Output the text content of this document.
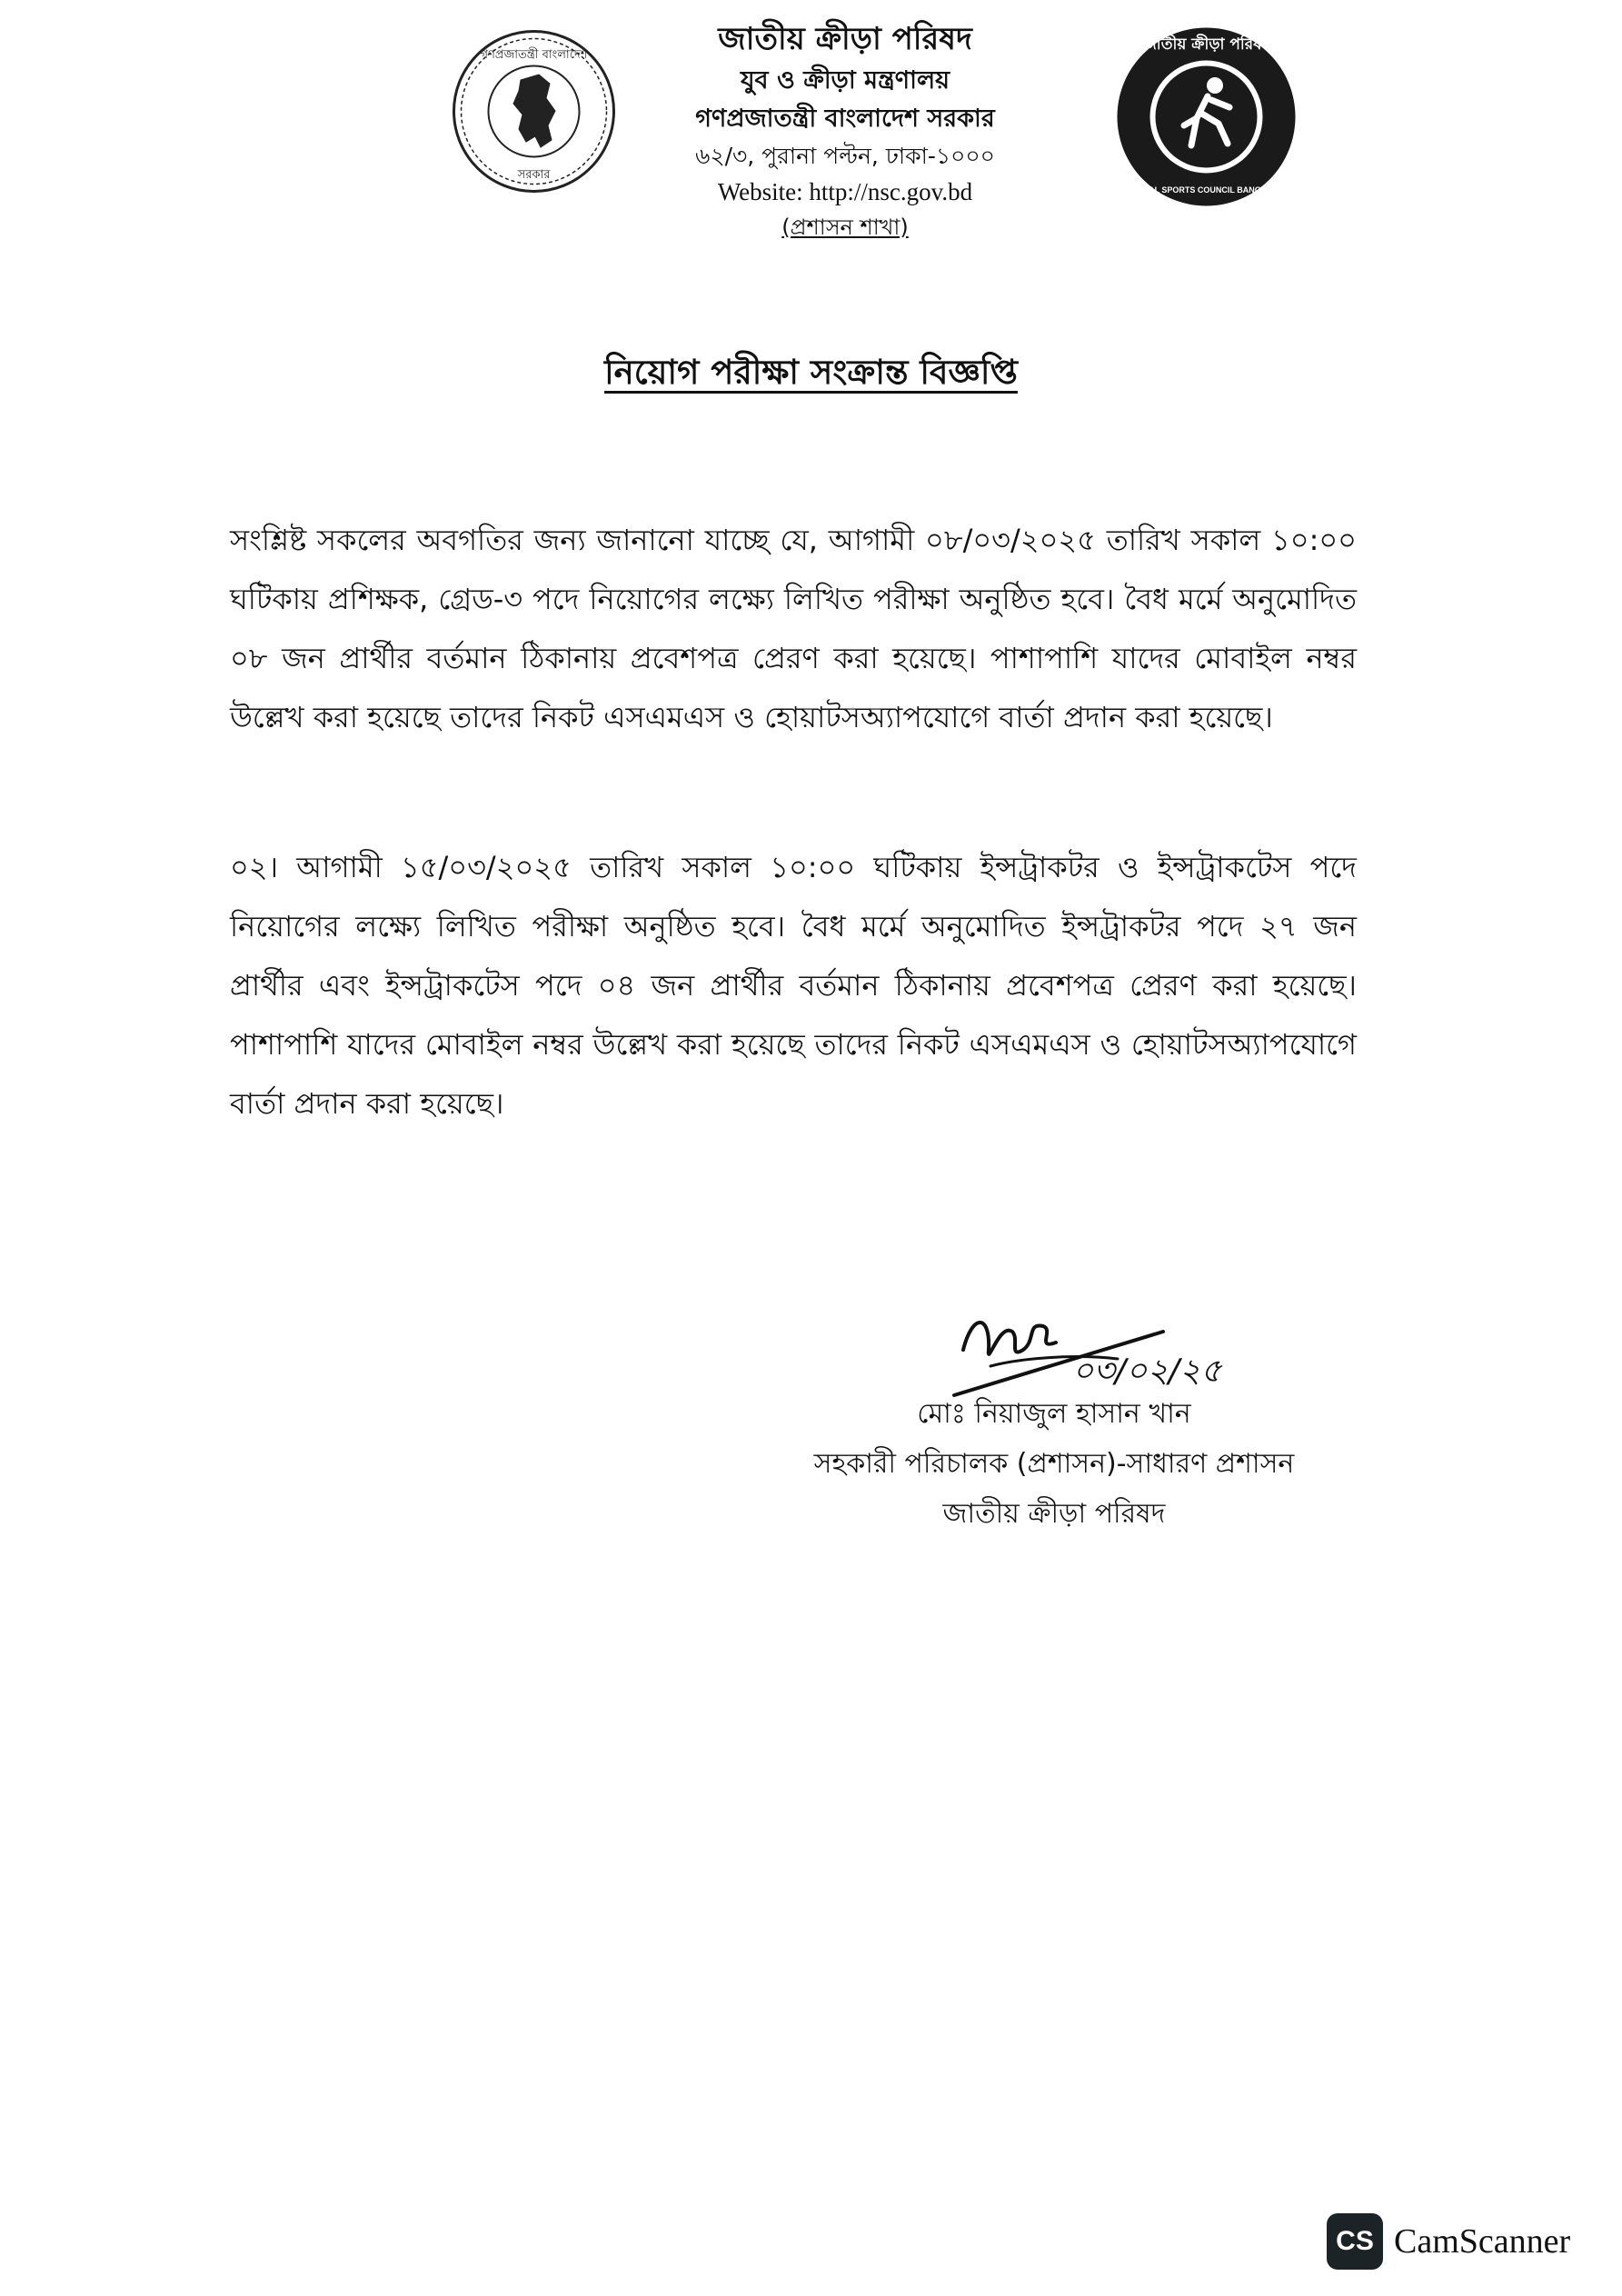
গণপ্রজাতন্ত্রী বাংলাদেশ
সরকার
জাতীয় ক্রীড়া পরিষদ
যুব ও ক্রীড়া মন্ত্রণালয়
গণপ্রজাতন্ত্রী বাংলাদেশ সরকার
৬২/৩, পুরানা পল্টন, ঢাকা-১০০০
Website: http://nsc.gov.bd
(প্রশাসন শাখা)
জাতীয় ক্রীড়া পরিষদ
NATIONAL SPORTS COUNCIL BANGLADESH
নিয়োগ পরীক্ষা সংক্রান্ত বিজ্ঞপ্তি

সংশ্লিষ্ট সকলের অবগতির জন্য জানানো যাচ্ছে যে, আগামী ০৮/০৩/২০২৫ তারিখ সকাল ১০:০০ ঘটিকায় প্রশিক্ষক, গ্রেড-৩ পদে নিয়োগের লক্ষ্যে লিখিত পরীক্ষা অনুষ্ঠিত হবে। বৈধ মর্মে অনুমোদিত ০৮ জন প্রার্থীর বর্তমান ঠিকানায় প্রবেশপত্র প্রেরণ করা হয়েছে। পাশাপাশি যাদের মোবাইল নম্বর উল্লেখ করা হয়েছে তাদের নিকট এসএমএস ও হোয়াটসঅ্যাপযোগে বার্তা প্রদান করা হয়েছে।

০২। আগামী ১৫/০৩/২০২৫ তারিখ সকাল ১০:০০ ঘটিকায় ইন্সট্রাকটর ও ইন্সট্রাকটেস পদে নিয়োগের লক্ষ্যে লিখিত পরীক্ষা অনুষ্ঠিত হবে। বৈধ মর্মে অনুমোদিত ইন্সট্রাকটর পদে ২৭ জন প্রার্থীর এবং ইন্সট্রাকটেস পদে ০৪ জন প্রার্থীর বর্তমান ঠিকানায় প্রবেশপত্র প্রেরণ করা হয়েছে। পাশাপাশি যাদের মোবাইল নম্বর উল্লেখ করা হয়েছে তাদের নিকট এসএমএস ও হোয়াটসঅ্যাপযোগে বার্তা প্রদান করা হয়েছে।

০৩/০২/২৫
মোঃ নিয়াজুল হাসান খান
সহকারী পরিচালক (প্রশাসন)-সাধারণ প্রশাসন
জাতীয় ক্রীড়া পরিষদ
CS CamScanner
